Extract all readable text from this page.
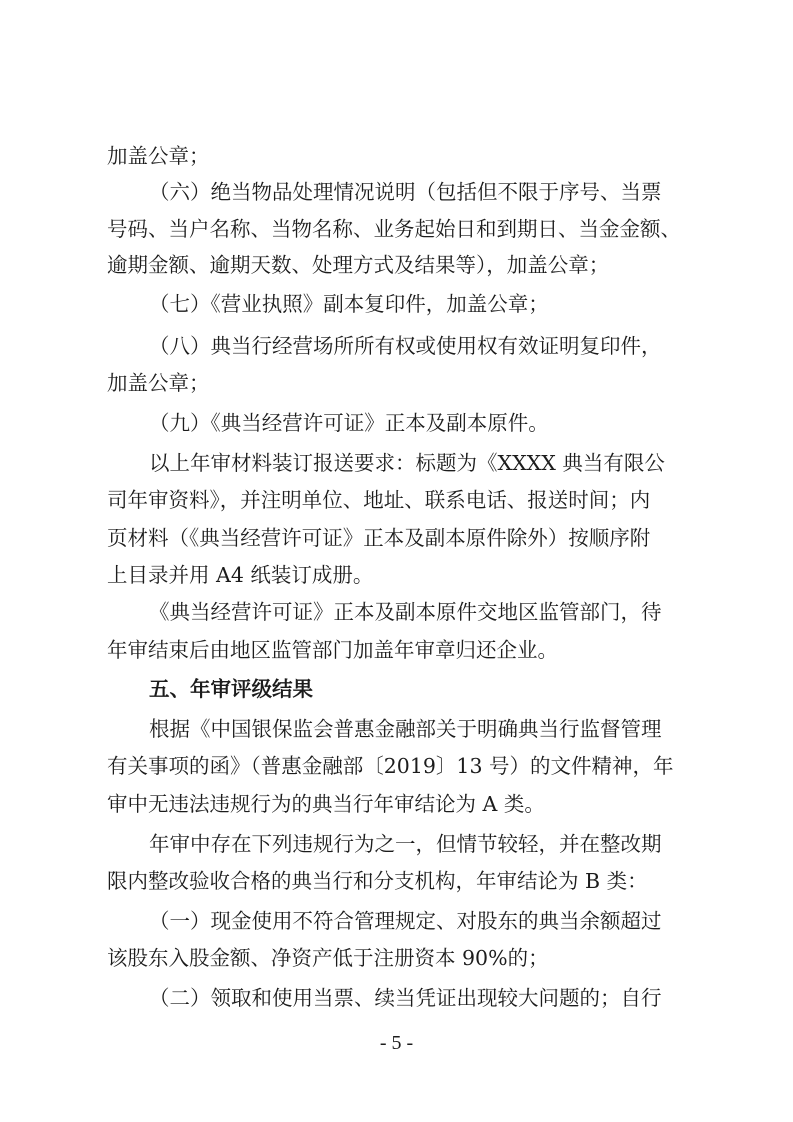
加盖公章；
（六）绝当物品处理情况说明（包括但不限于序号、当票
号码、当户名称、当物名称、业务起始日和到期日、当金金额、
逾期金额、逾期天数、处理方式及结果等），加盖公章；
（七）《营业执照》副本复印件，加盖公章；
（八）典当行经营场所所有权或使用权有效证明复印件，
加盖公章；
（九）《典当经营许可证》正本及副本原件。
以上年审材料装订报送要求：标题为《XXXX 典当有限公
司年审资料》，并注明单位、地址、联系电话、报送时间；内
页材料（《典当经营许可证》正本及副本原件除外）按顺序附
上目录并用 A4 纸装订成册。
《典当经营许可证》正本及副本原件交地区监管部门，待
年审结束后由地区监管部门加盖年审章归还企业。
五、年审评级结果
根据《中国银保监会普惠金融部关于明确典当行监督管理
有关事项的函》（普惠金融部〔2019〕13 号）的文件精神，年
审中无违法违规行为的典当行年审结论为 A 类。
年审中存在下列违规行为之一，但情节较轻，并在整改期
限内整改验收合格的典当行和分支机构，年审结论为 B 类：
（一）现金使用不符合管理规定、对股东的典当余额超过
该股东入股金额、净资产低于注册资本 90%的；
（二）领取和使用当票、续当凭证出现较大问题的；自行
- 5 -
